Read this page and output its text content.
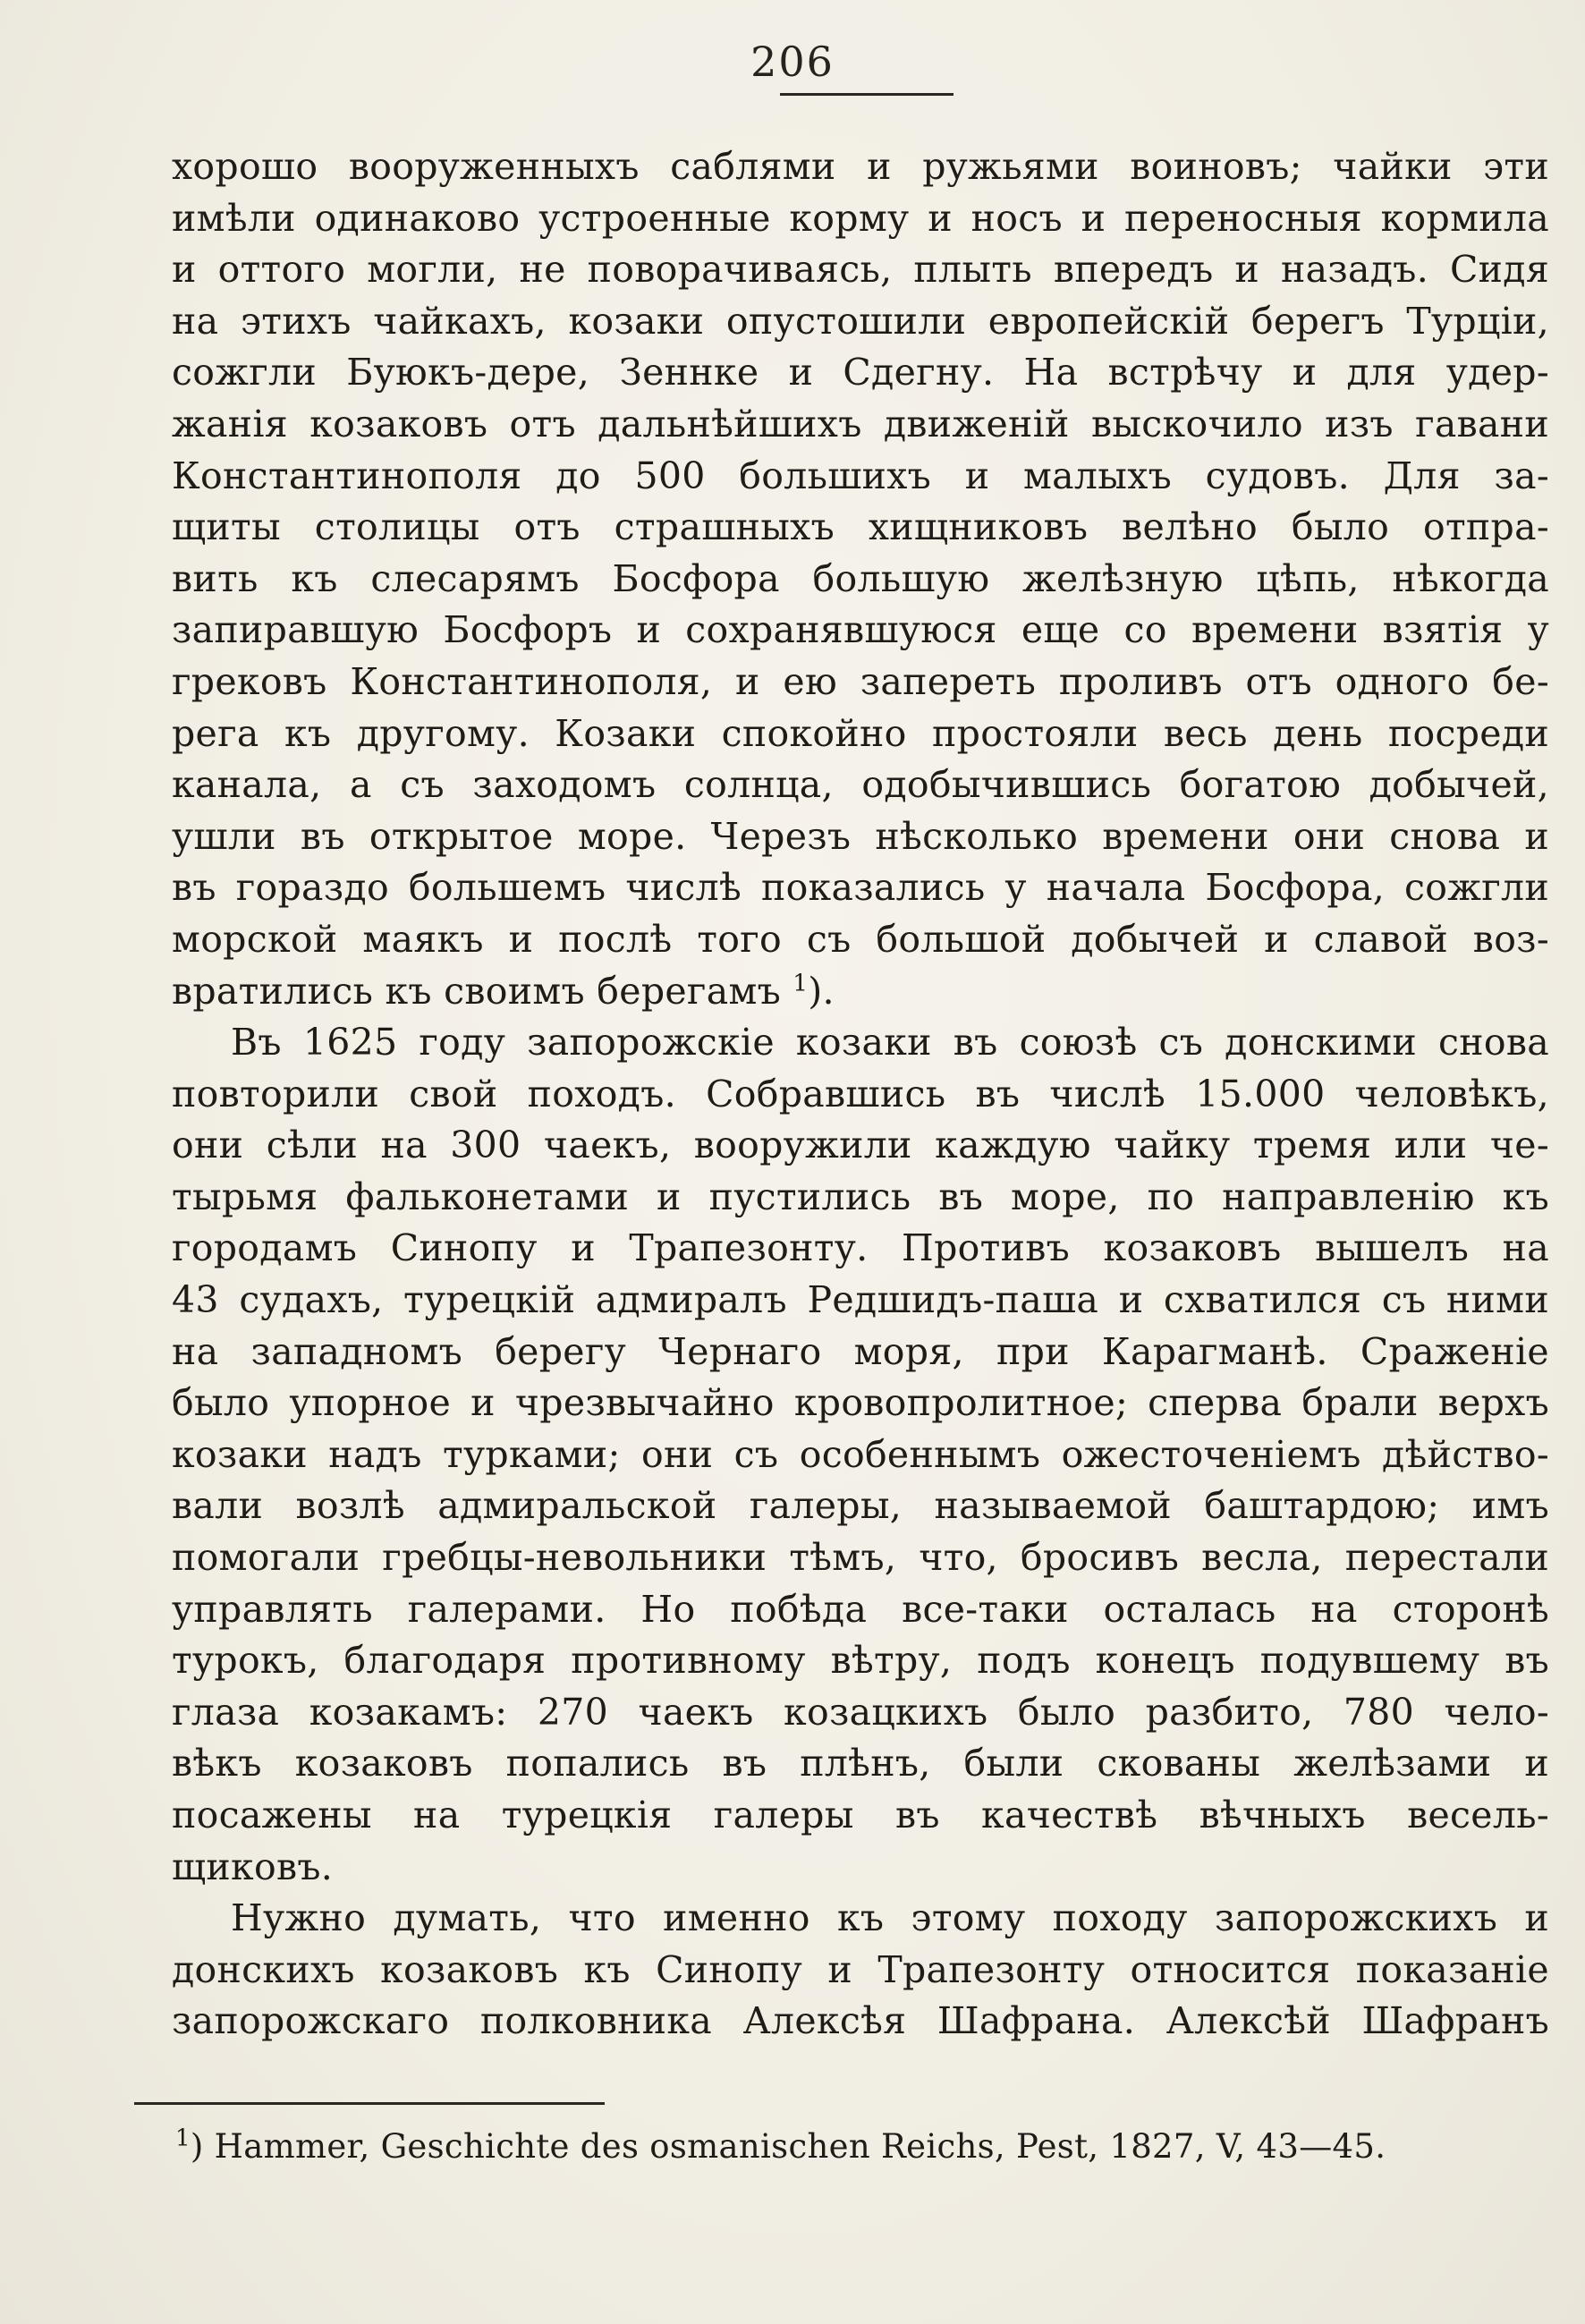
206
хорошо вооруженныхъ саблями и ружьями воиновъ; чайки эти
имѣли одинаково устроенные корму и носъ и переносныя кормила
и оттого могли, не поворачиваясь, плыть впередъ и назадъ. Сидя
на этихъ чайкахъ, козаки опустошили европейскій берегъ Турціи,
сожгли Буюкъ-дере, Зеннке и Сдегну. На встрѣчу и для удер-
жанія козаковъ отъ дальнѣйшихъ движеній выскочило изъ гавани
Константинополя до 500 большихъ и малыхъ судовъ. Для за-
щиты столицы отъ страшныхъ хищниковъ велѣно было отпра-
вить къ слесарямъ Босфора большую желѣзную цѣпь, нѣкогда
запиравшую Босфоръ и сохранявшуюся еще со времени взятія у
грековъ Константинополя, и ею запереть проливъ отъ одного бе-
рега къ другому. Козаки спокойно простояли весь день посреди
канала, а съ заходомъ солнца, одобычившись богатою добычей,
ушли въ открытое море. Черезъ нѣсколько времени они снова и
въ гораздо большемъ числѣ показались у начала Босфора, сожгли
морской маякъ и послѣ того съ большой добычей и славой воз-
вратились къ своимъ берегамъ $^1$).
Въ 1625 году запорожскіе козаки въ союзѣ съ донскими снова
повторили свой походъ. Собравшись въ числѣ 15.000 человѣкъ,
они сѣли на 300 чаекъ, вооружили каждую чайку тремя или че-
тырьмя фальконетами и пустились въ море, по направленію къ
городамъ Синопу и Трапезонту. Противъ козаковъ вышелъ на
43 судахъ, турецкій адмиралъ Редшидъ-паша и схватился съ ними
на западномъ берегу Чернаго моря, при Карагманѣ. Сраженіе
было упорное и чрезвычайно кровопролитное; сперва брали верхъ
козаки надъ турками; они съ особеннымъ ожесточеніемъ дѣйство-
вали возлѣ адмиральской галеры, называемой баштардою; имъ
помогали гребцы-невольники тѣмъ, что, бросивъ весла, перестали
управлять галерами. Но побѣда все-таки осталась на сторонѣ
турокъ, благодаря противному вѣтру, подъ конецъ подувшему въ
глаза козакамъ: 270 чаекъ козацкихъ было разбито, 780 чело-
вѣкъ козаковъ попались въ плѣнъ, были скованы желѣзами и
посажены на турецкія галеры въ качествѣ вѣчныхъ весель-
щиковъ.
Нужно думать, что именно къ этому походу запорожскихъ и
донскихъ козаковъ къ Синопу и Трапезонту относится показаніе
запорожскаго полковника Алексѣя Шафрана. Алексѣй Шафранъ
$^1$) Hammer, Geschichte des osmanischen Reichs, Pest, 1827, V, 43—45.
